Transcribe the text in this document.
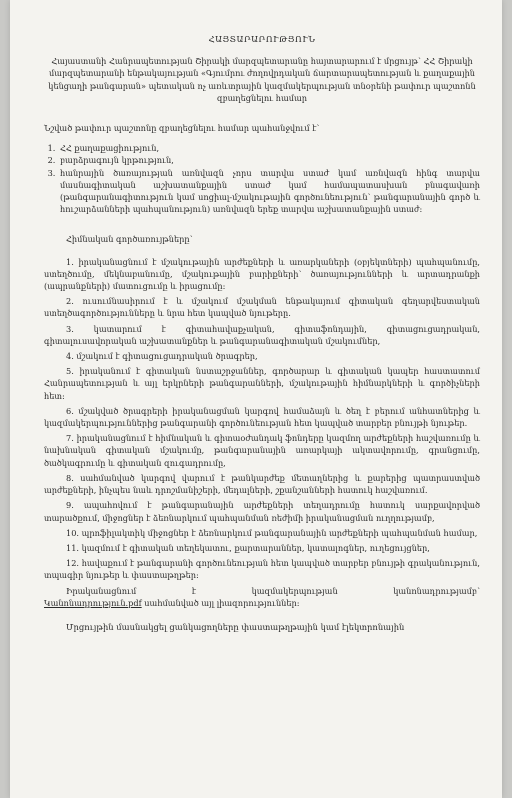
ՀԱՅՏԱՐԱՐՈՒԹՅՈՒՆ
Հայաստանի Հանրապետության Շիրակի մարզպետարանը հայտարարում է մրցույթ՝ ՀՀ Շիրակի մարզպետարանի ենթակայության «Գյումրու ժողովրդական ճարտարապետության և քաղաքային կենցաղի թանգարան» պետական ոչ առևտրային կազմակերպության տնօրենի թափուր պաշտոնն զբաղեցնելու համար
Նշված թափուր պաշտոնը զբաղեցնելու համար պահանջվում է՝
1. ՀՀ քաղաքացիություն,
2. բարձրագույն կրթություն,
3. հանրային ծառայության առնվազն չորս տարվա ստաժ կամ առնվազն հինգ տարվա մասնագիտական աշխատանքային ստաժ կամ համապատասխան բնագավառի (թանգարանագիտություն կամ սոցիալ-մշակութային գործունեություն՝ թանգարանային գործ և հուշարձանների պահպանություն) առնվազն երեք տարվա աշխատանքային ստաժ:
Հիմնական գործառույթները՝
1. իրականացնում է մշակութային արժեքների և առարկաների (օբյեկտների) պահպանումը, ստեղծումը, մեկնաբանումը, մշակութային բարիքների՝ ծառայությունների և արտադրանքի (ապրանքների) մատուցումը և իրացումը:
2. ուսումնասիրում է և մշակում մշակման ենթակայում գիտական գեղարվեստական ստեղծագործությունները և նրա հետ կապված նյութերը.
3. կատարում է գիտահավաքչական, գիտաֆոնդային, գիտացուցադրական, գիտալուսավորական աշխատանքներ և թանգարանագիտական մշակումներ,
4. մշակում է գիտացուցադրական ծրագրեր,
5. իրականում է գիտական նստաշրջաններ, գործարար և գիտական կապեր հաստատում Հանրապետության և այլ երկրների թանգարանների, մշակութային հիմնարկների և գործիչների հետ:
6. մշակված ծրագրերի իրականացման կարգով համաձայն և ծեղ է բերում անհատներից և կազմակերպություններից թանգարանի գործունեության հետ կապված տարբեր բնույթի նյութեր.
7. իրականացնում է հիմնական և գիտաօժանդակ ֆոնդերը կազմող արժեքների հաշվառումը և նախնական գիտական մշակումը, թանգարանային առարկայի ակտավորումը, գրանցումը, ծածկագրումը և գիտական զուգադրումը,
8. սահմանված կարգով վարում է թանկարժեք մետաղներից և քարերից պատրաստված արժեքների, ինչպես նաև դրոշմանիշերի, մեդալների, շքանշանների հատուկ հաշվառում.
9. ապահովում է թանգարանային արժեքների տեղադրումը հատուկ սարքավորված տարածքում, միջոցներ է ձեռնարկում պահպանման ռեժիմի իրականացման ուղղությամբ,
10. պրոֆիլակտիկ միջոցներ է ձեռնարկում թանգարանային արժեքների պահպանման համար,
11. կազմում է գիտական տեղեկատու, քարտարաններ, կատալոգներ, ուղեցույցներ,
12. հավաքում է թանգարանի գործունեության հետ կապված տարբեր բնույթի գրականություն, տպագիր նյութեր և փաստաթղթեր:
Իրականացնում	է	կազմակերպության	կանոնադրությամբ՝
Կանոնադրություն.pdf սահմանված այլ լիազորություններ:
Մրցույթին մասնակցել ցանկացողները փաստաթղթային կամ էլեկտրոնային
